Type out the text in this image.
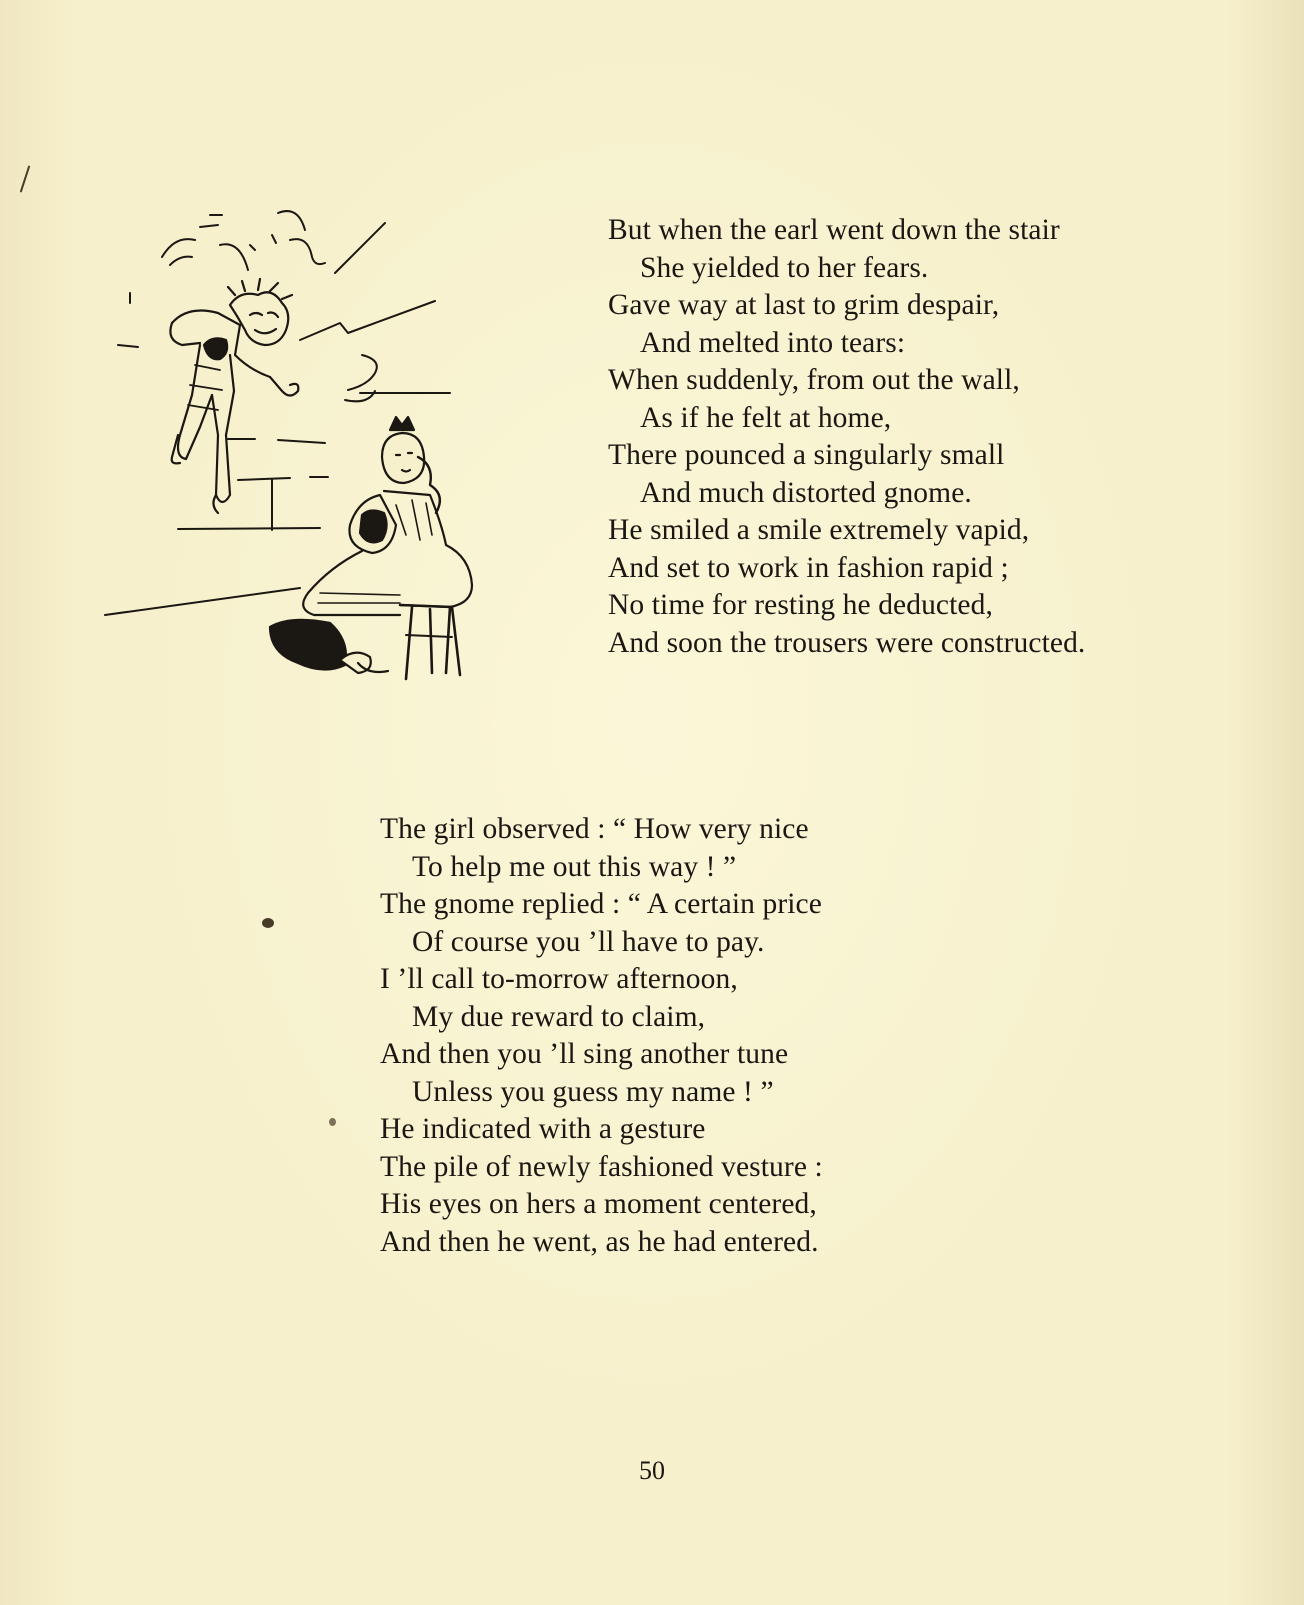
But when the earl went down the stair
She yielded to her fears.
Gave way at last to grim despair,
And melted into tears:
When suddenly, from out the wall,
As if he felt at home,
There pounced a singularly small
And much distorted gnome.
He smiled a smile extremely vapid,
And set to work in fashion rapid ;
No time for resting he deducted,
And soon the trousers were constructed.
The girl observed : “ How very nice
To help me out this way ! ”
The gnome replied : “ A certain price
Of course you ’ll have to pay.
I ’ll call to-morrow afternoon,
My due reward to claim,
And then you ’ll sing another tune
Unless you guess my name ! ”
He indicated with a gesture
The pile of newly fashioned vesture :
His eyes on hers a moment centered,
And then he went, as he had entered.
50
